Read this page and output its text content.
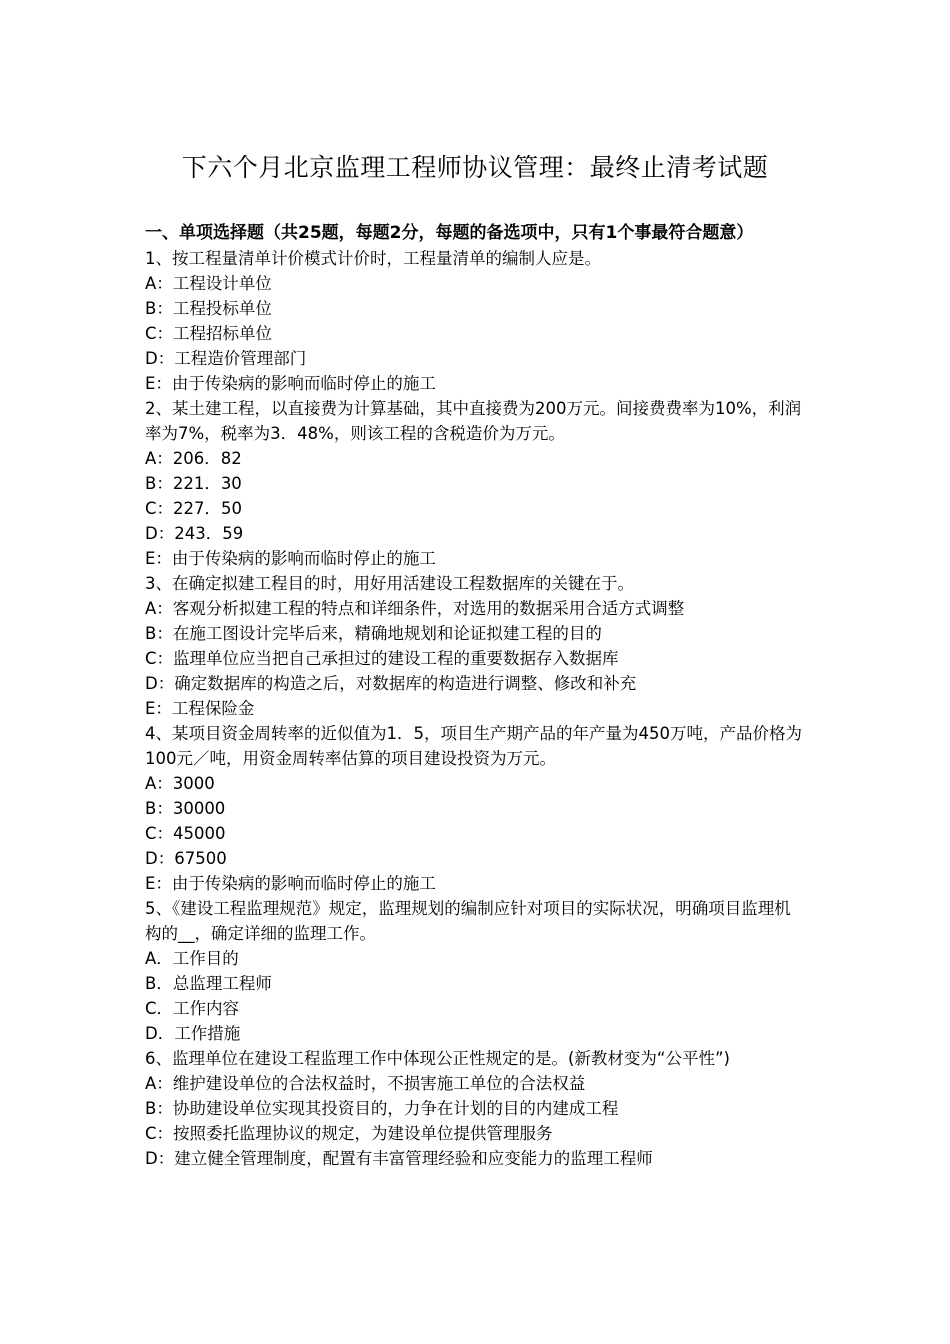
下六个月北京监理工程师协议管理：最终止清考试题

一、单项选择题（共25题，每题2分，每题的备选项中，只有1个事最符合题意）

1、按工程量清单计价模式计价时，工程量清单的编制人应是。

A：工程设计单位

B：工程投标单位

C：工程招标单位

D：工程造价管理部门

E：由于传染病的影响而临时停止的施工

2、某土建工程，以直接费为计算基础，其中直接费为200万元。间接费费率为10%，利润率为7%，税率为3．48%，则该工程的含税造价为万元。

A：206．82

B：221．30

C：227．50

D：243．59

E：由于传染病的影响而临时停止的施工

3、在确定拟建工程目的时，用好用活建设工程数据库的关键在于。

A：客观分析拟建工程的特点和详细条件，对选用的数据采用合适方式调整

B：在施工图设计完毕后来，精确地规划和论证拟建工程的目的

C：监理单位应当把自己承担过的建设工程的重要数据存入数据库

D：确定数据库的构造之后，对数据库的构造进行调整、修改和补充

E：工程保险金

4、某项目资金周转率的近似值为1．5，项目生产期产品的年产量为450万吨，产品价格为100元／吨，用资金周转率估算的项目建设投资为万元。

A：3000

B：30000

C：45000

D：67500

E：由于传染病的影响而临时停止的施工

5、《建设工程监理规范》规定，监理规划的编制应针对项目的实际状况，明确项目监理机构的__，确定详细的监理工作。

A．工作目的

B．总监理工程师

C．工作内容

D．工作措施

6、监理单位在建设工程监理工作中体现公正性规定的是。(新教材变为“公平性”)

A：维护建设单位的合法权益时，不损害施工单位的合法权益

B：协助建设单位实现其投资目的，力争在计划的目的内建成工程

C：按照委托监理协议的规定，为建设单位提供管理服务

D：建立健全管理制度，配置有丰富管理经验和应变能力的监理工程师
